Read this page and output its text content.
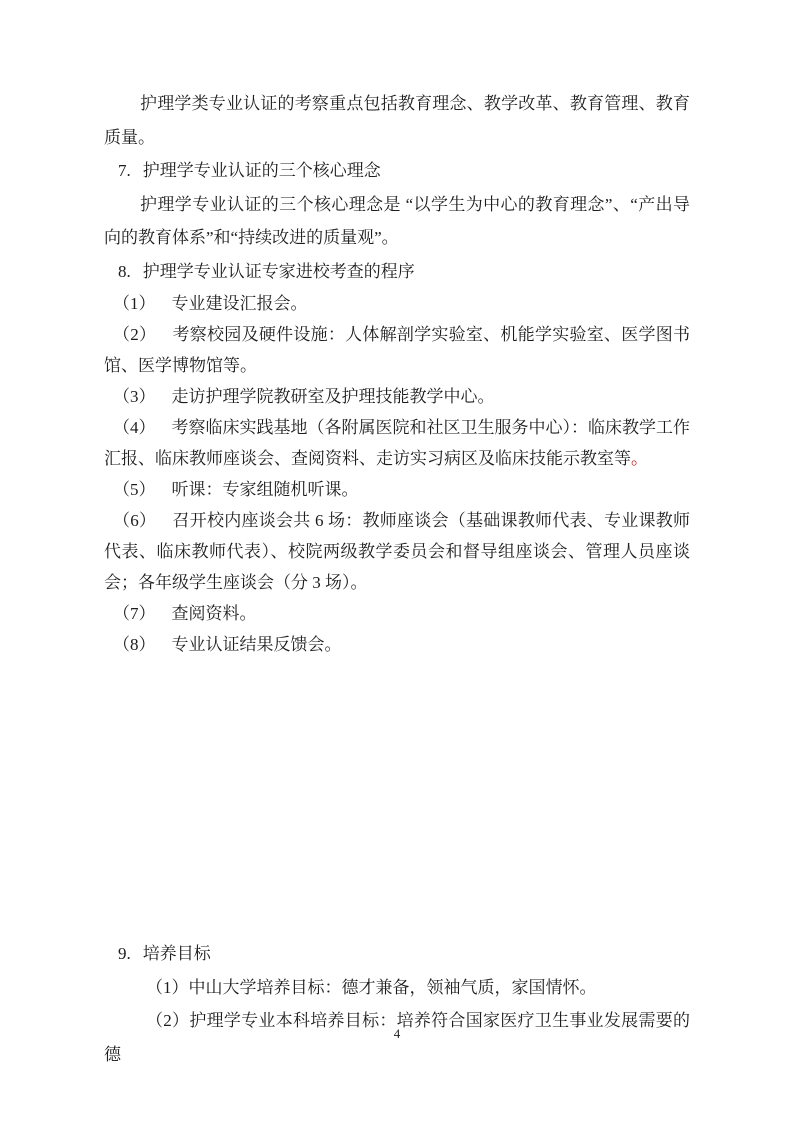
护理学类专业认证的考察重点包括教育理念、教学改革、教育管理、教育质量。

7. 护理学专业认证的三个核心理念

护理学专业认证的三个核心理念是 “以学生为中心的教育理念”、“产出导向的教育体系”和“持续改进的质量观”。

8. 护理学专业认证专家进校考查的程序

（1） 专业建设汇报会。

（2） 考察校园及硬件设施：人体解剖学实验室、机能学实验室、医学图书馆、医学博物馆等。

（3） 走访护理学院教研室及护理技能教学中心。

（4） 考察临床实践基地（各附属医院和社区卫生服务中心）：临床教学工作汇报、临床教师座谈会、查阅资料、走访实习病区及临床技能示教室等。

（5） 听课：专家组随机听课。

（6） 召开校内座谈会共 6 场：教师座谈会（基础课教师代表、专业课教师代表、临床教师代表）、校院两级教学委员会和督导组座谈会、管理人员座谈会；各年级学生座谈会（分 3 场）。

（7） 查阅资料。

（8） 专业认证结果反馈会。

9. 培养目标

（1）中山大学培养目标：德才兼备，领袖气质，家国情怀。

（2）护理学专业本科培养目标：培养符合国家医疗卫生事业发展需要的德

4
